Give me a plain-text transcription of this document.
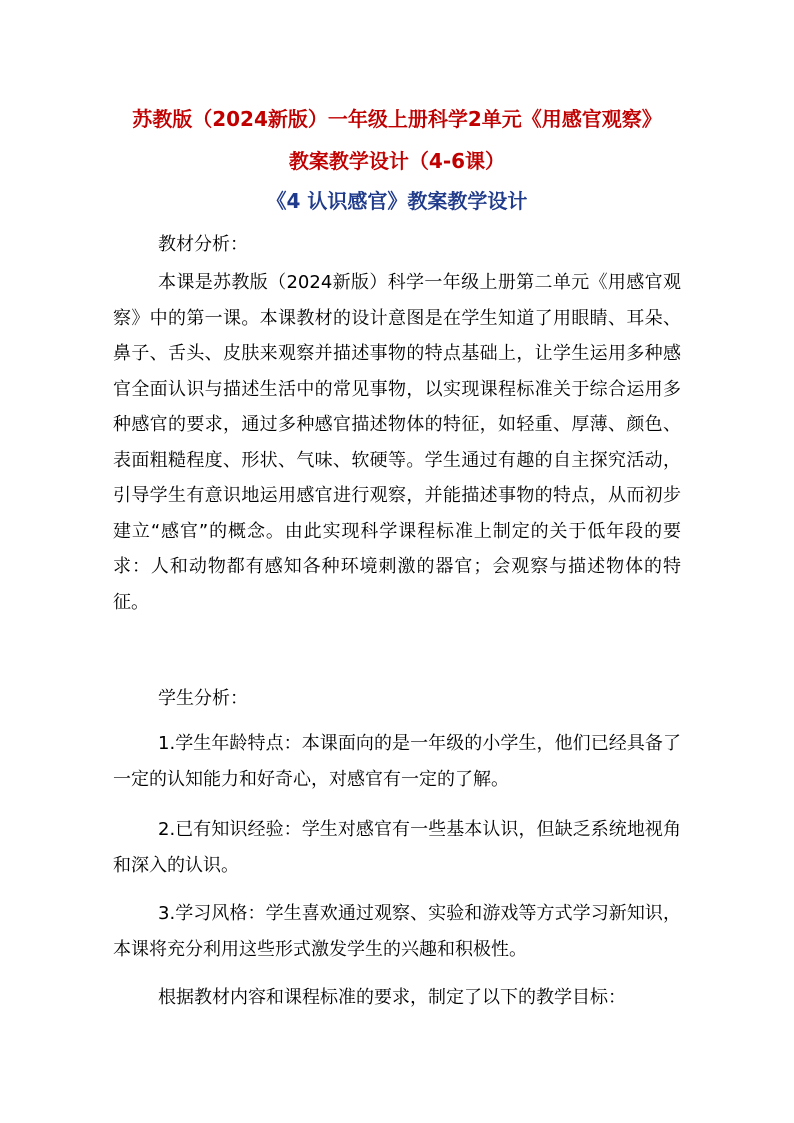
苏教版（2024新版）一年级上册科学2单元《用感官观察》
教案教学设计（4-6课）
《4 认识感官》教案教学设计
教材分析：
本课是苏教版（2024新版）科学一年级上册第二单元《用感官观察》中的第一课。本课教材的设计意图是在学生知道了用眼睛、耳朵、鼻子、舌头、皮肤来观察并描述事物的特点基础上，让学生运用多种感官全面认识与描述生活中的常见事物，以实现课程标准关于综合运用多种感官的要求，通过多种感官描述物体的特征，如轻重、厚薄、颜色、表面粗糙程度、形状、气味、软硬等。学生通过有趣的自主探究活动，引导学生有意识地运用感官进行观察，并能描述事物的特点，从而初步建立“感官”的概念。由此实现科学课程标准上制定的关于低年段的要求：人和动物都有感知各种环境刺激的器官；会观察与描述物体的特征。
学生分析：
1.学生年龄特点：本课面向的是一年级的小学生，他们已经具备了一定的认知能力和好奇心，对感官有一定的了解。
2.已有知识经验：学生对感官有一些基本认识，但缺乏系统地视角和深入的认识。
3.学习风格：学生喜欢通过观察、实验和游戏等方式学习新知识，本课将充分利用这些形式激发学生的兴趣和积极性。
根据教材内容和课程标准的要求，制定了以下的教学目标：
